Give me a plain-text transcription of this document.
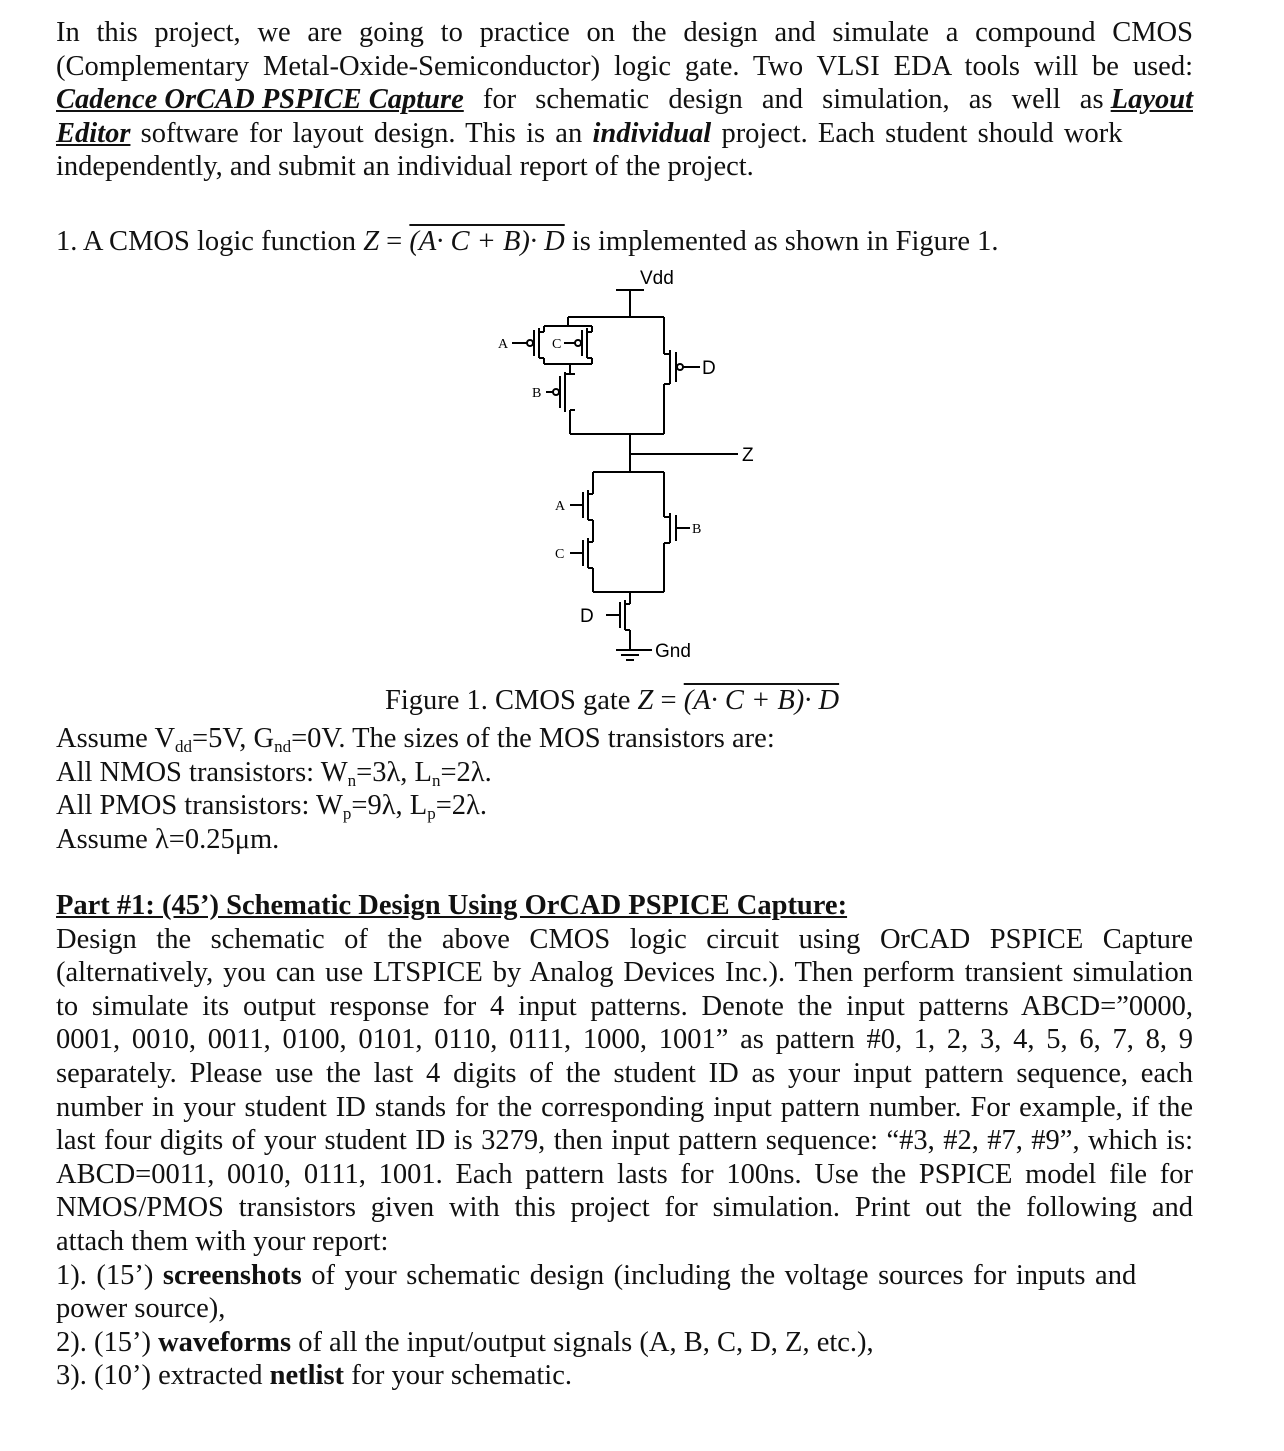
In this project, we are going to practice on the design and simulate a compound CMOS
(Complementary Metal-Oxide-Semiconductor) logic gate. Two VLSI EDA tools will be used:
Cadence OrCAD PSPICE Capture for schematic design and simulation, as well as Layout
Editor software for layout design. This is an individual project. Each student should work
independently, and submit an individual report of the project.
1. A CMOS logic function Z = (A· C + B)· D is implemented as shown in Figure 1.
Vdd
Gnd
Z
D
D
A	C
B
A
C
B
Figure 1. CMOS gate Z = (A· C + B)· D
Assume $V_{dd}=5V$, $G_{nd}=0V$. The sizes of the MOS transistors are:
All NMOS transistors: $W_n=3\lambda$, $L_n=2\lambda$.
All PMOS transistors: $W_p=9\lambda$, $L_p=2\lambda$.
Assume λ=0.25μm.
Part #1: (45’) Schematic Design Using OrCAD PSPICE Capture:
Design the schematic of the above CMOS logic circuit using OrCAD PSPICE Capture
(alternatively, you can use LTSPICE by Analog Devices Inc.). Then perform transient simulation
to simulate its output response for 4 input patterns. Denote the input patterns ABCD=”0000,
0001, 0010, 0011, 0100, 0101, 0110, 0111, 1000, 1001” as pattern #0, 1, 2, 3, 4, 5, 6, 7, 8, 9
separately. Please use the last 4 digits of the student ID as your input pattern sequence, each
number in your student ID stands for the corresponding input pattern number. For example, if the
last four digits of your student ID is 3279, then input pattern sequence: “#3, #2, #7, #9”, which is:
ABCD=0011, 0010, 0111, 1001. Each pattern lasts for 100ns. Use the PSPICE model file for
NMOS/PMOS transistors given with this project for simulation. Print out the following and
attach them with your report:
1). (15’) screenshots of your schematic design (including the voltage sources for inputs and
power source),
2). (15’) waveforms of all the input/output signals (A, B, C, D, Z, etc.),
3). (10’) extracted netlist for your schematic.
